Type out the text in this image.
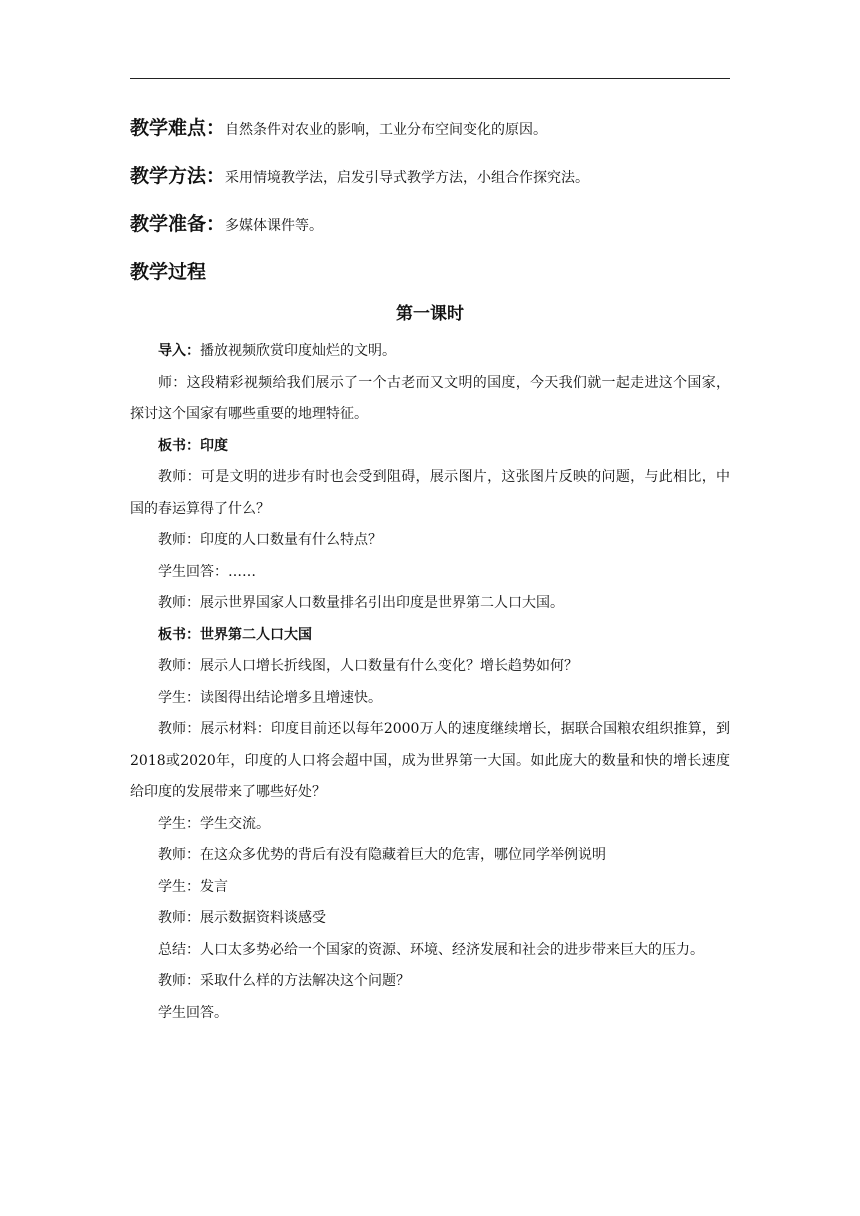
教学难点：自然条件对农业的影响，工业分布空间变化的原因。
教学方法：采用情境教学法，启发引导式教学方法，小组合作探究法。
教学准备：多媒体课件等。
教学过程
第一课时

导入：播放视频欣赏印度灿烂的文明。

师：这段精彩视频给我们展示了一个古老而又文明的国度，今天我们就一起走进这个国家，探讨这个国家有哪些重要的地理特征。

板书：印度

教师：可是文明的进步有时也会受到阻碍，展示图片，这张图片反映的问题，与此相比，中国的春运算得了什么？

教师：印度的人口数量有什么特点？

学生回答：……

教师：展示世界国家人口数量排名引出印度是世界第二人口大国。

板书：世界第二人口大国

教师：展示人口增长折线图，人口数量有什么变化？增长趋势如何？

学生：读图得出结论增多且增速快。

教师：展示材料：印度目前还以每年2000万人的速度继续增长，据联合国粮农组织推算，到2018或2020年，印度的人口将会超中国，成为世界第一大国。如此庞大的数量和快的增长速度给印度的发展带来了哪些好处？

学生：学生交流。

教师：在这众多优势的背后有没有隐藏着巨大的危害，哪位同学举例说明

学生：发言

教师：展示数据资料谈感受

总结：人口太多势必给一个国家的资源、环境、经济发展和社会的进步带来巨大的压力。

教师：采取什么样的方法解决这个问题？

学生回答。
